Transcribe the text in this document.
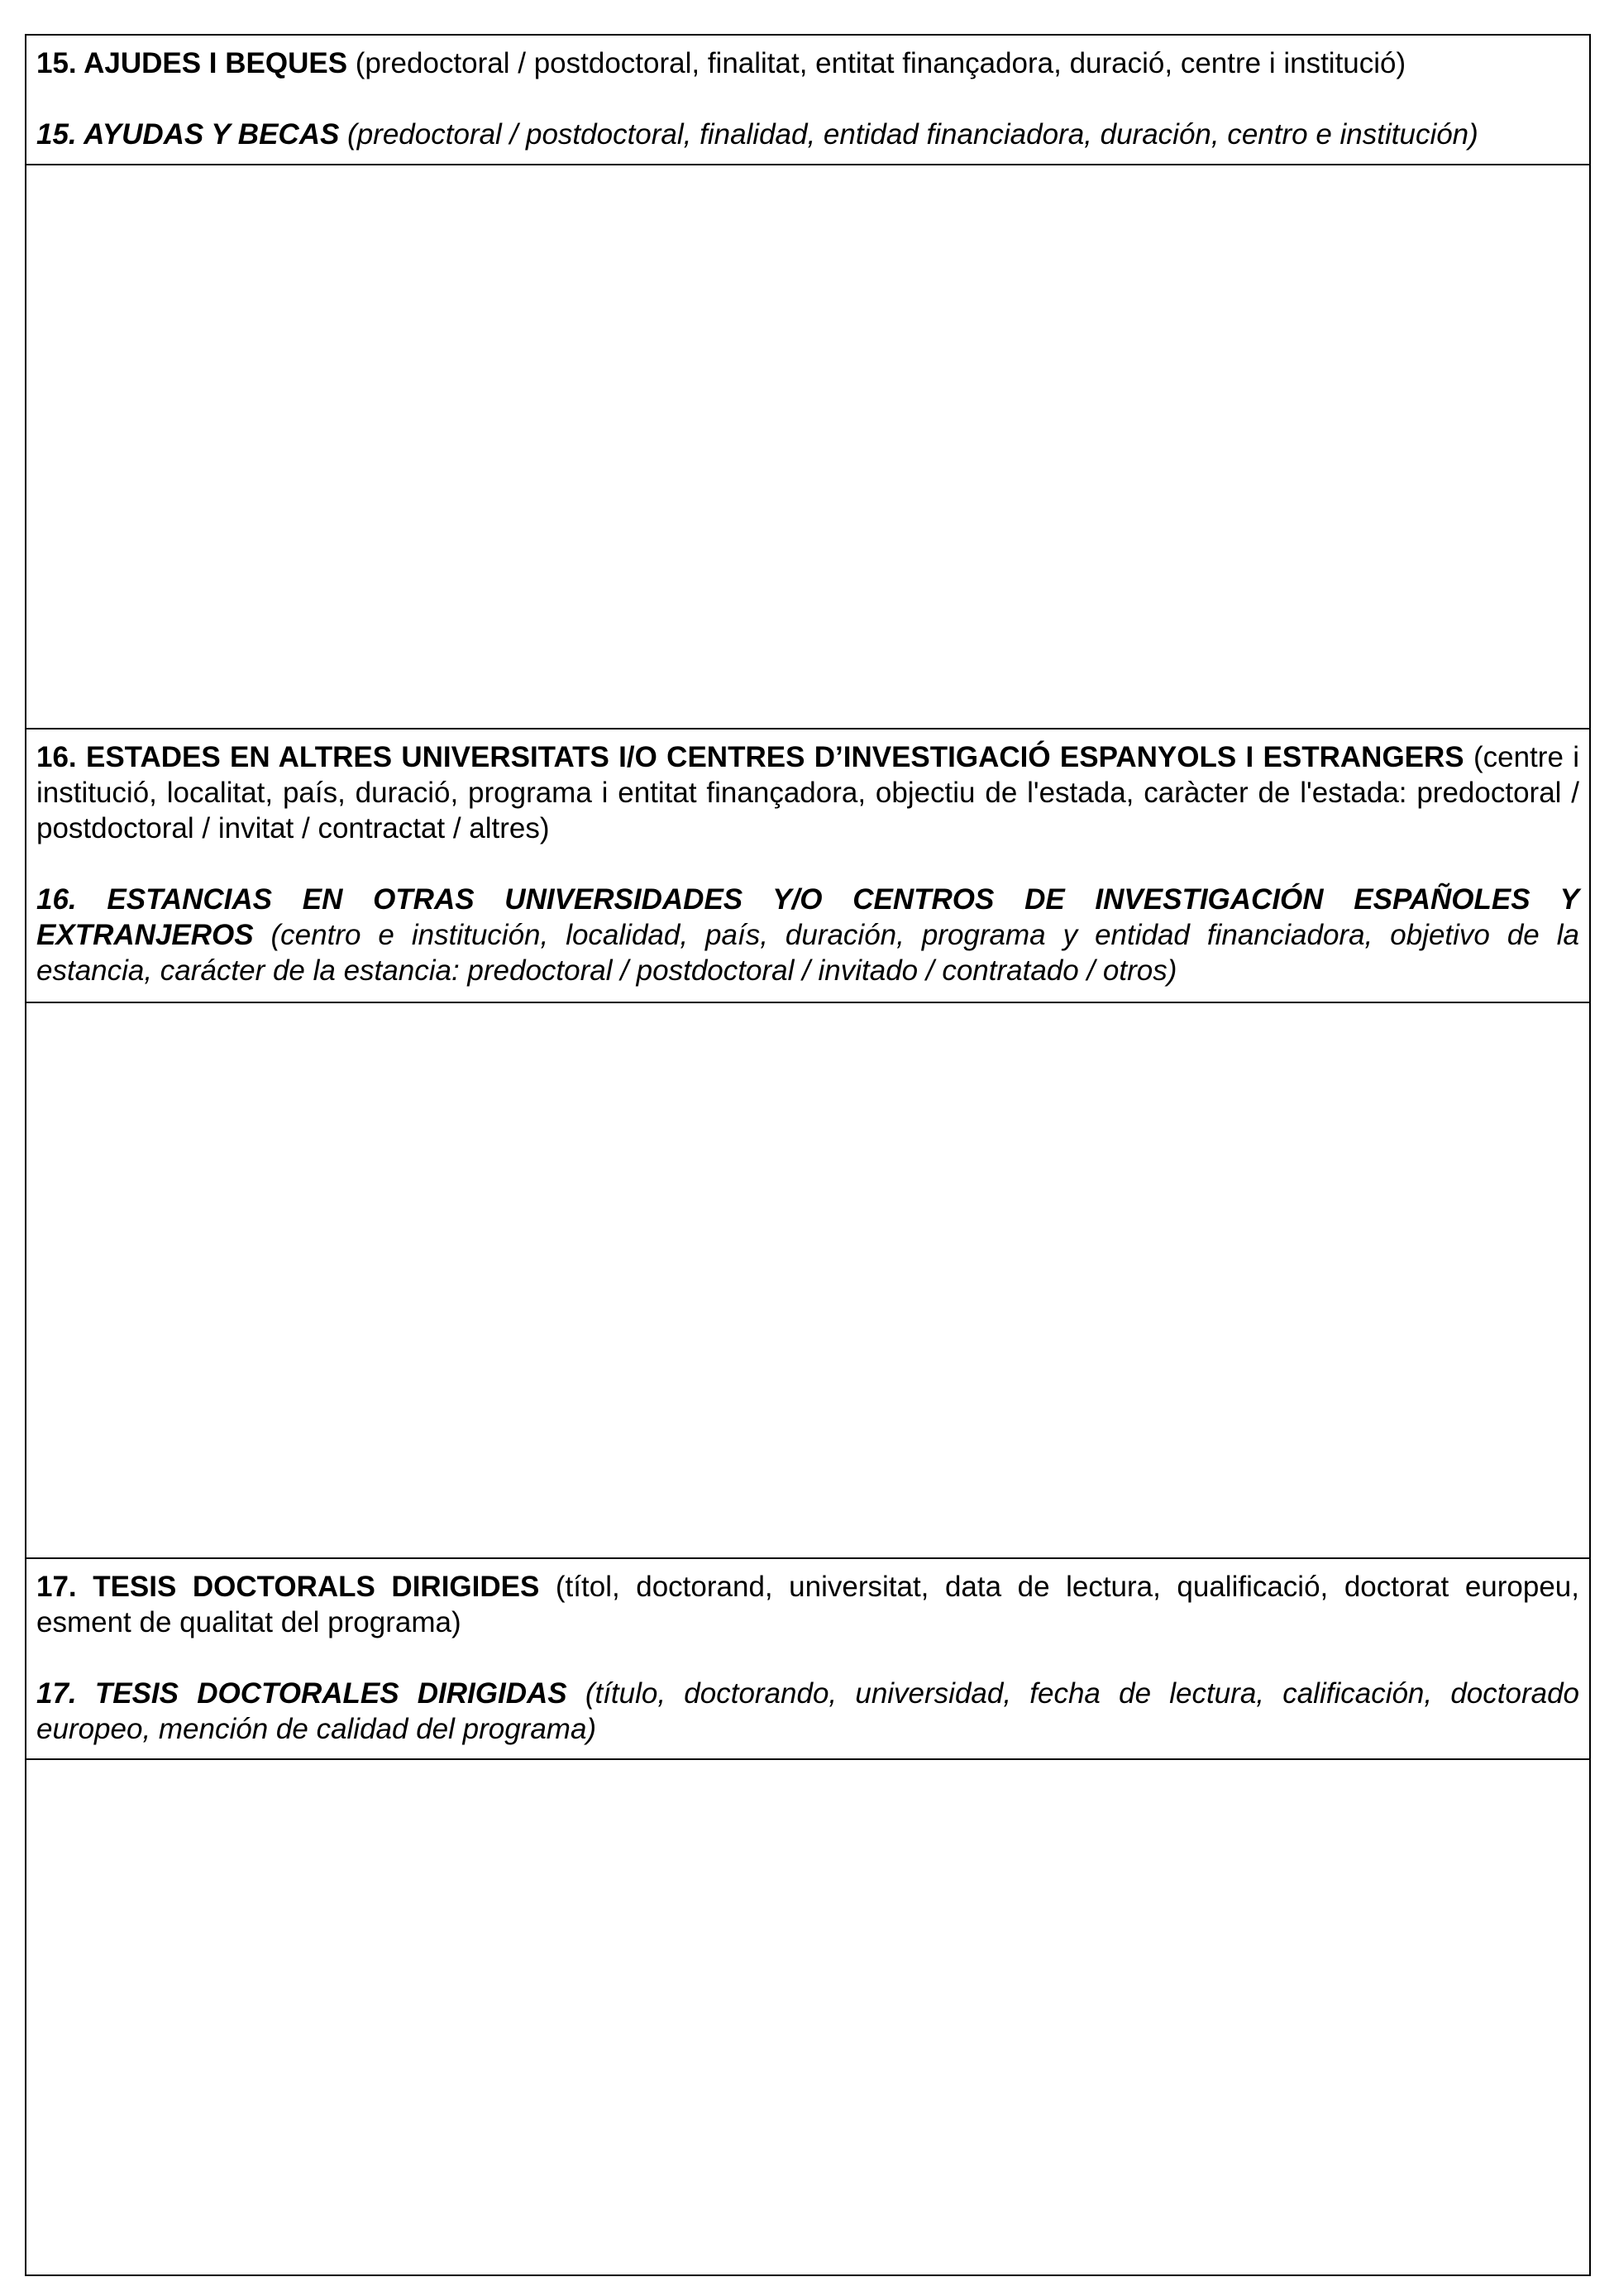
15. AJUDES I BEQUES (predoctoral / postdoctoral, finalitat, entitat finançadora, duració, centre i institució)

15. AYUDAS Y BECAS (predoctoral / postdoctoral, finalidad, entidad financiadora, duración, centro e institución)

16. ESTADES EN ALTRES UNIVERSITATS I/O CENTRES D’INVESTIGACIÓ ESPANYOLS I ESTRANGERS (centre i institució, localitat, país, duració, programa i entitat finançadora, objectiu de l'estada, caràcter de l'estada: predoctoral / postdoctoral / invitat / contractat / altres)

16. ESTANCIAS EN OTRAS UNIVERSIDADES Y/O CENTROS DE INVESTIGACIÓN ESPAÑOLES Y EXTRANJEROS (centro e institución, localidad, país, duración, programa y entidad financiadora, objetivo de la estancia, carácter de la estancia: predoctoral / postdoctoral / invitado / contratado / otros)

17. TESIS DOCTORALS DIRIGIDES (títol, doctorand, universitat, data de lectura, qualificació, doctorat europeu, esment de qualitat del programa)

17. TESIS DOCTORALES DIRIGIDAS (título, doctorando, universidad, fecha de lectura, calificación, doctorado europeo, mención de calidad del programa)
